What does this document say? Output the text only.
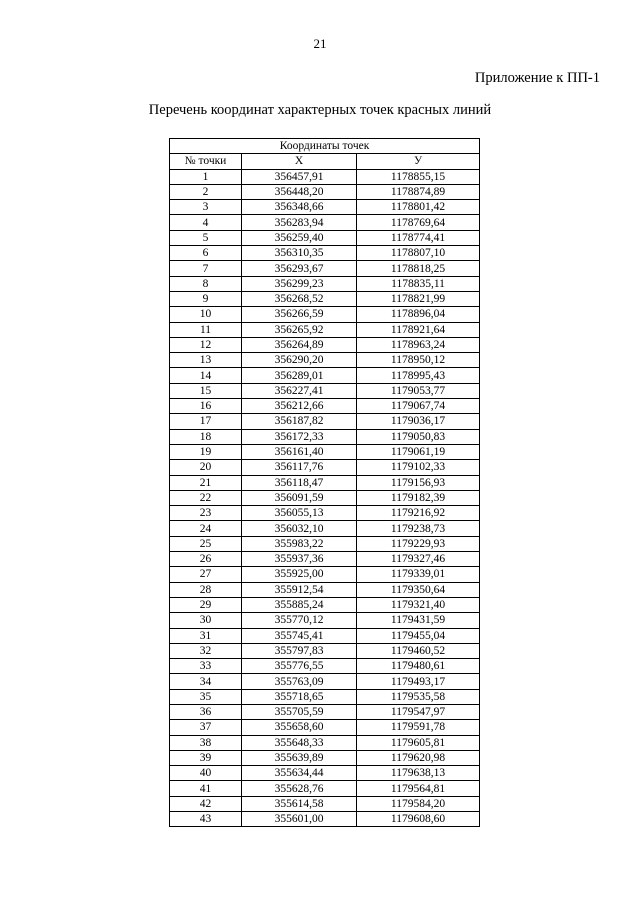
21
Приложение к ПП-1
Перечень координат характерных точек красных линий
Координаты точек		
№ точки	X	У
1	356457,91	1178855,15
2	356448,20	1178874,89
3	356348,66	1178801,42
4	356283,94	1178769,64
5	356259,40	1178774,41
6	356310,35	1178807,10
7	356293,67	1178818,25
8	356299,23	1178835,11
9	356268,52	1178821,99
10	356266,59	1178896,04
11	356265,92	1178921,64
12	356264,89	1178963,24
13	356290,20	1178950,12
14	356289,01	1178995,43
15	356227,41	1179053,77
16	356212,66	1179067,74
17	356187,82	1179036,17
18	356172,33	1179050,83
19	356161,40	1179061,19
20	356117,76	1179102,33
21	356118,47	1179156,93
22	356091,59	1179182,39
23	356055,13	1179216,92
24	356032,10	1179238,73
25	355983,22	1179229,93
26	355937,36	1179327,46
27	355925,00	1179339,01
28	355912,54	1179350,64
29	355885,24	1179321,40
30	355770,12	1179431,59
31	355745,41	1179455,04
32	355797,83	1179460,52
33	355776,55	1179480,61
34	355763,09	1179493,17
35	355718,65	1179535,58
36	355705,59	1179547,97
37	355658,60	1179591,78
38	355648,33	1179605,81
39	355639,89	1179620,98
40	355634,44	1179638,13
41	355628,76	1179564,81
42	355614,58	1179584,20
43	355601,00	1179608,60
